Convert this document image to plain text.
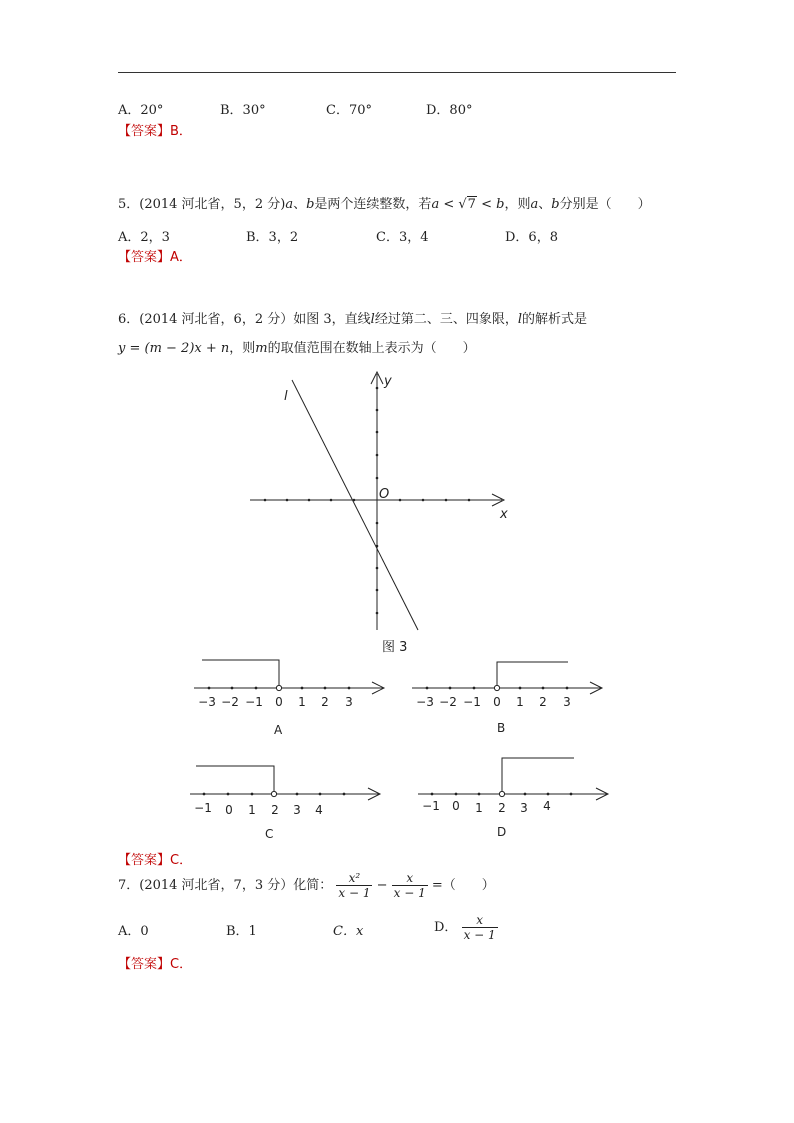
A．20°	B．30°	C．70°	D．80°
【答案】B．
5．(2014 河北省，5，2 分)a、b是两个连续整数，若a < √7 < b，则a、b分别是（　　）
A．2，3	B．3，2	C．3，4	D．6，8
【答案】A．
6．(2014 河北省，6，2 分）如图 3，直线l经过第二、三、四象限，l的解析式是
y = (m − 2)x + n，则m的取值范围在数轴上表示为（　　）
l
y
x
O
图 3
−3 −2 −1 0 1 2 3
A
−3 −2 −1 0 1 2 3
B
−1 0 1 2 3 4
C
−1 0 1 2 3 4
D
【答案】C．
7．(2014 河北省，7，3 分）化简： $\frac{\text{x²}}{x - 1} - \frac{x}{x - 1}$ =（　　）
A．0	B．1	C．x	D． $\frac{x}{x - 1}$
【答案】C．
